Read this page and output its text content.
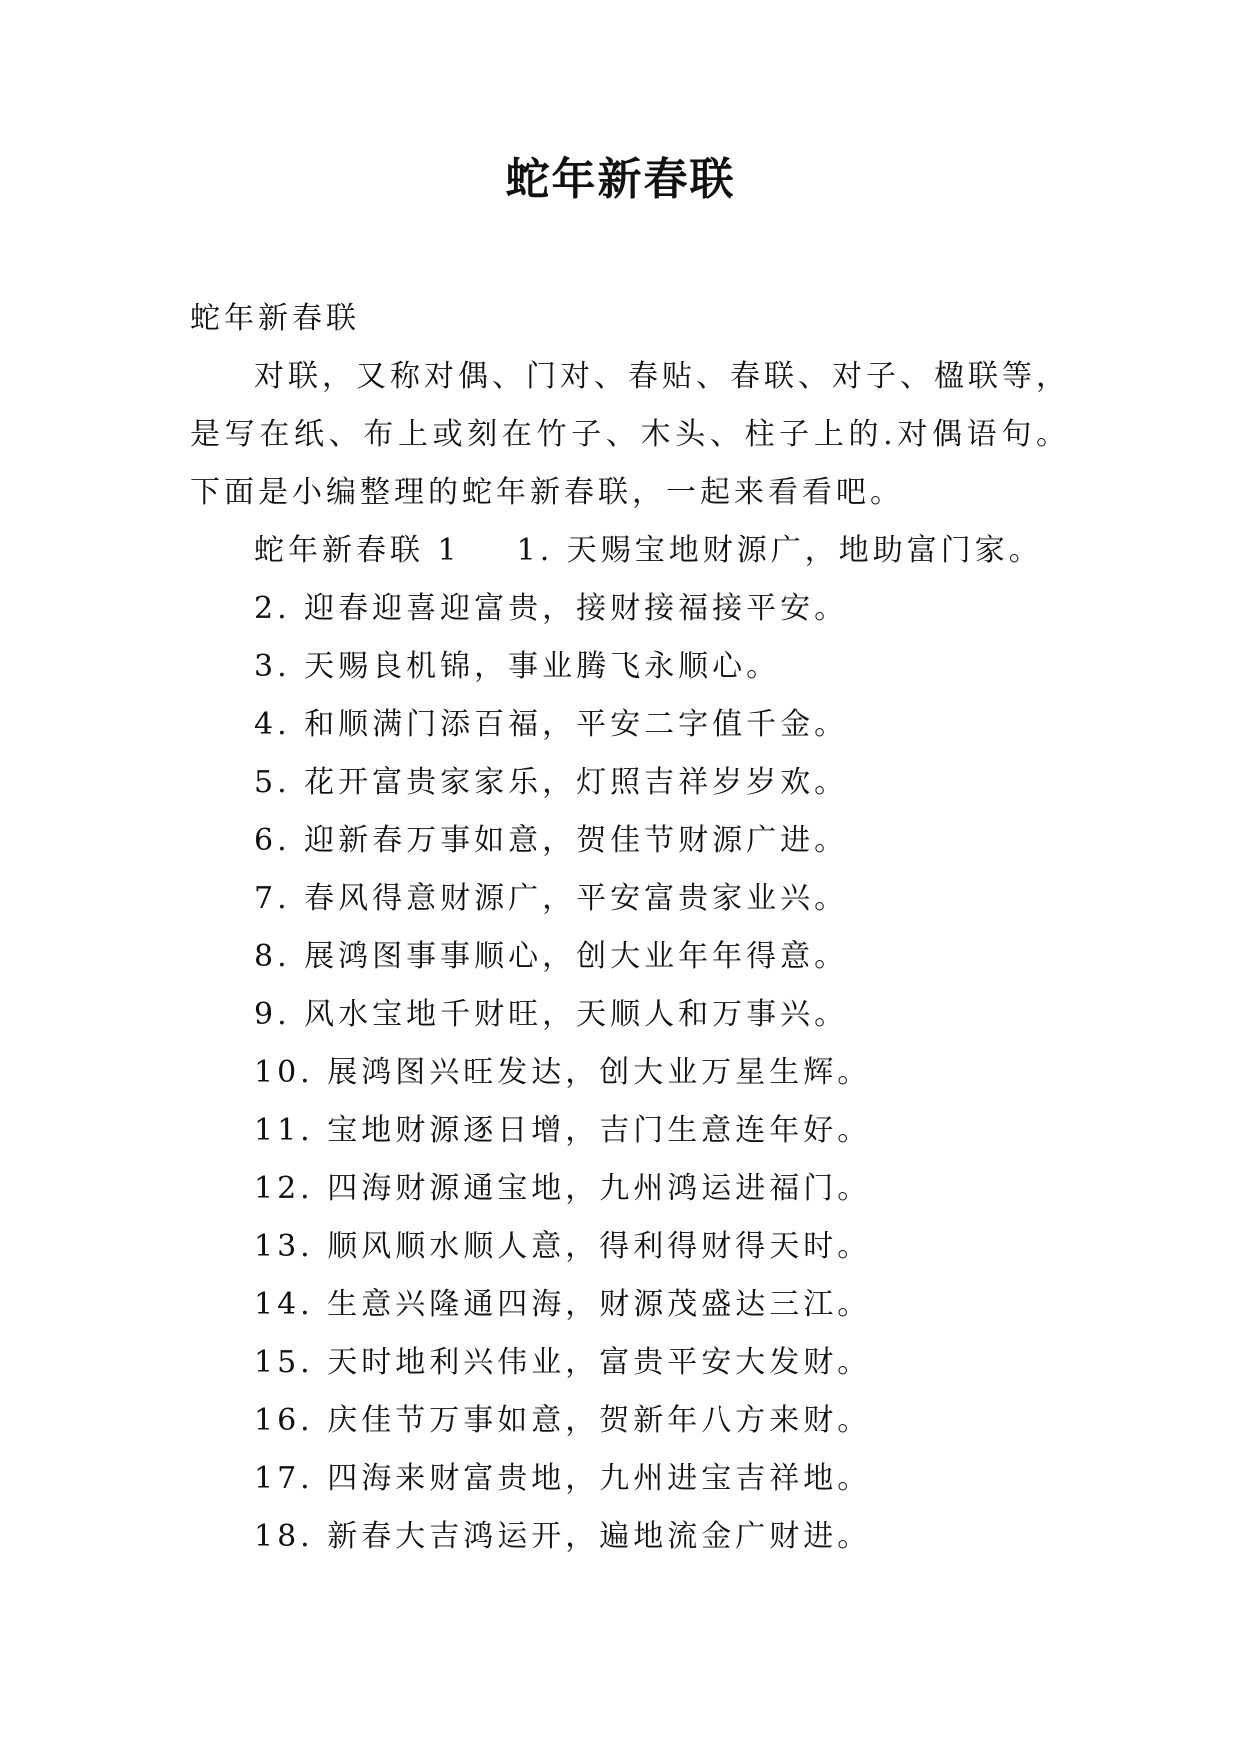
蛇年新春联

蛇年新春联

对联，又称对偶、门对、春贴、春联、对子、楹联等，是写在纸、布上或刻在竹子、木头、柱子上的.对偶语句。下面是小编整理的蛇年新春联，一起来看看吧。

蛇年新春联 1 1. 天赐宝地财源广，地助富门家。

2. 迎春迎喜迎富贵，接财接福接平安。
3. 天赐良机锦，事业腾飞永顺心。
4. 和顺满门添百福，平安二字值千金。
5. 花开富贵家家乐，灯照吉祥岁岁欢。
6. 迎新春万事如意，贺佳节财源广进。
7. 春风得意财源广，平安富贵家业兴。
8. 展鸿图事事顺心，创大业年年得意。
9. 风水宝地千财旺，天顺人和万事兴。
10. 展鸿图兴旺发达，创大业万星生辉。
11. 宝地财源逐日增，吉门生意连年好。
12. 四海财源通宝地，九州鸿运进福门。
13. 顺风顺水顺人意，得利得财得天时。
14. 生意兴隆通四海，财源茂盛达三江。
15. 天时地利兴伟业，富贵平安大发财。
16. 庆佳节万事如意，贺新年八方来财。
17. 四海来财富贵地，九州进宝吉祥地。
18. 新春大吉鸿运开，遍地流金广财进。
